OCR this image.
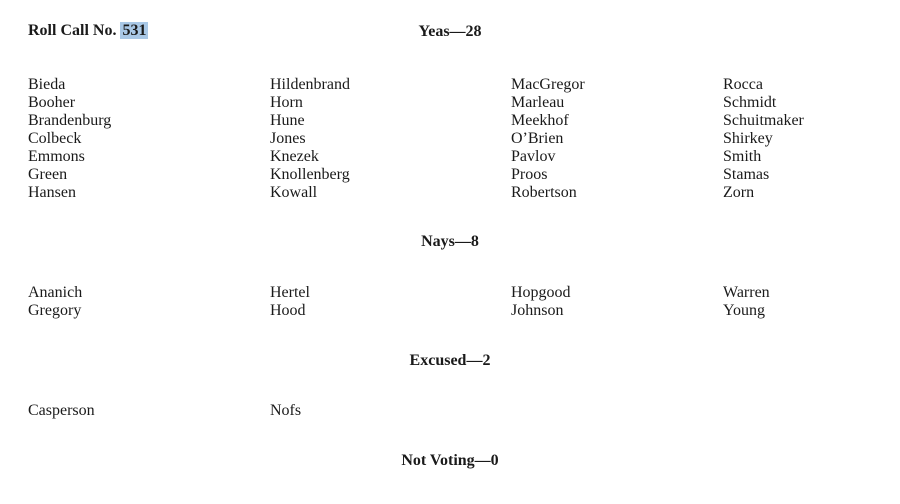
Roll Call No. 531	Yeas—28
Bieda
Booher
Brandenburg
Colbeck
Emmons
Green
Hansen
Hildenbrand
Horn
Hune
Jones
Knezek
Knollenberg
Kowall
MacGregor
Marleau
Meekhof
O’Brien
Pavlov
Proos
Robertson
Rocca
Schmidt
Schuitmaker
Shirkey
Smith
Stamas
Zorn
Nays—8
Ananich
Gregory
Hertel
Hood
Hopgood
Johnson
Warren
Young
Excused—2
Casperson	Nofs
Not Voting—0
